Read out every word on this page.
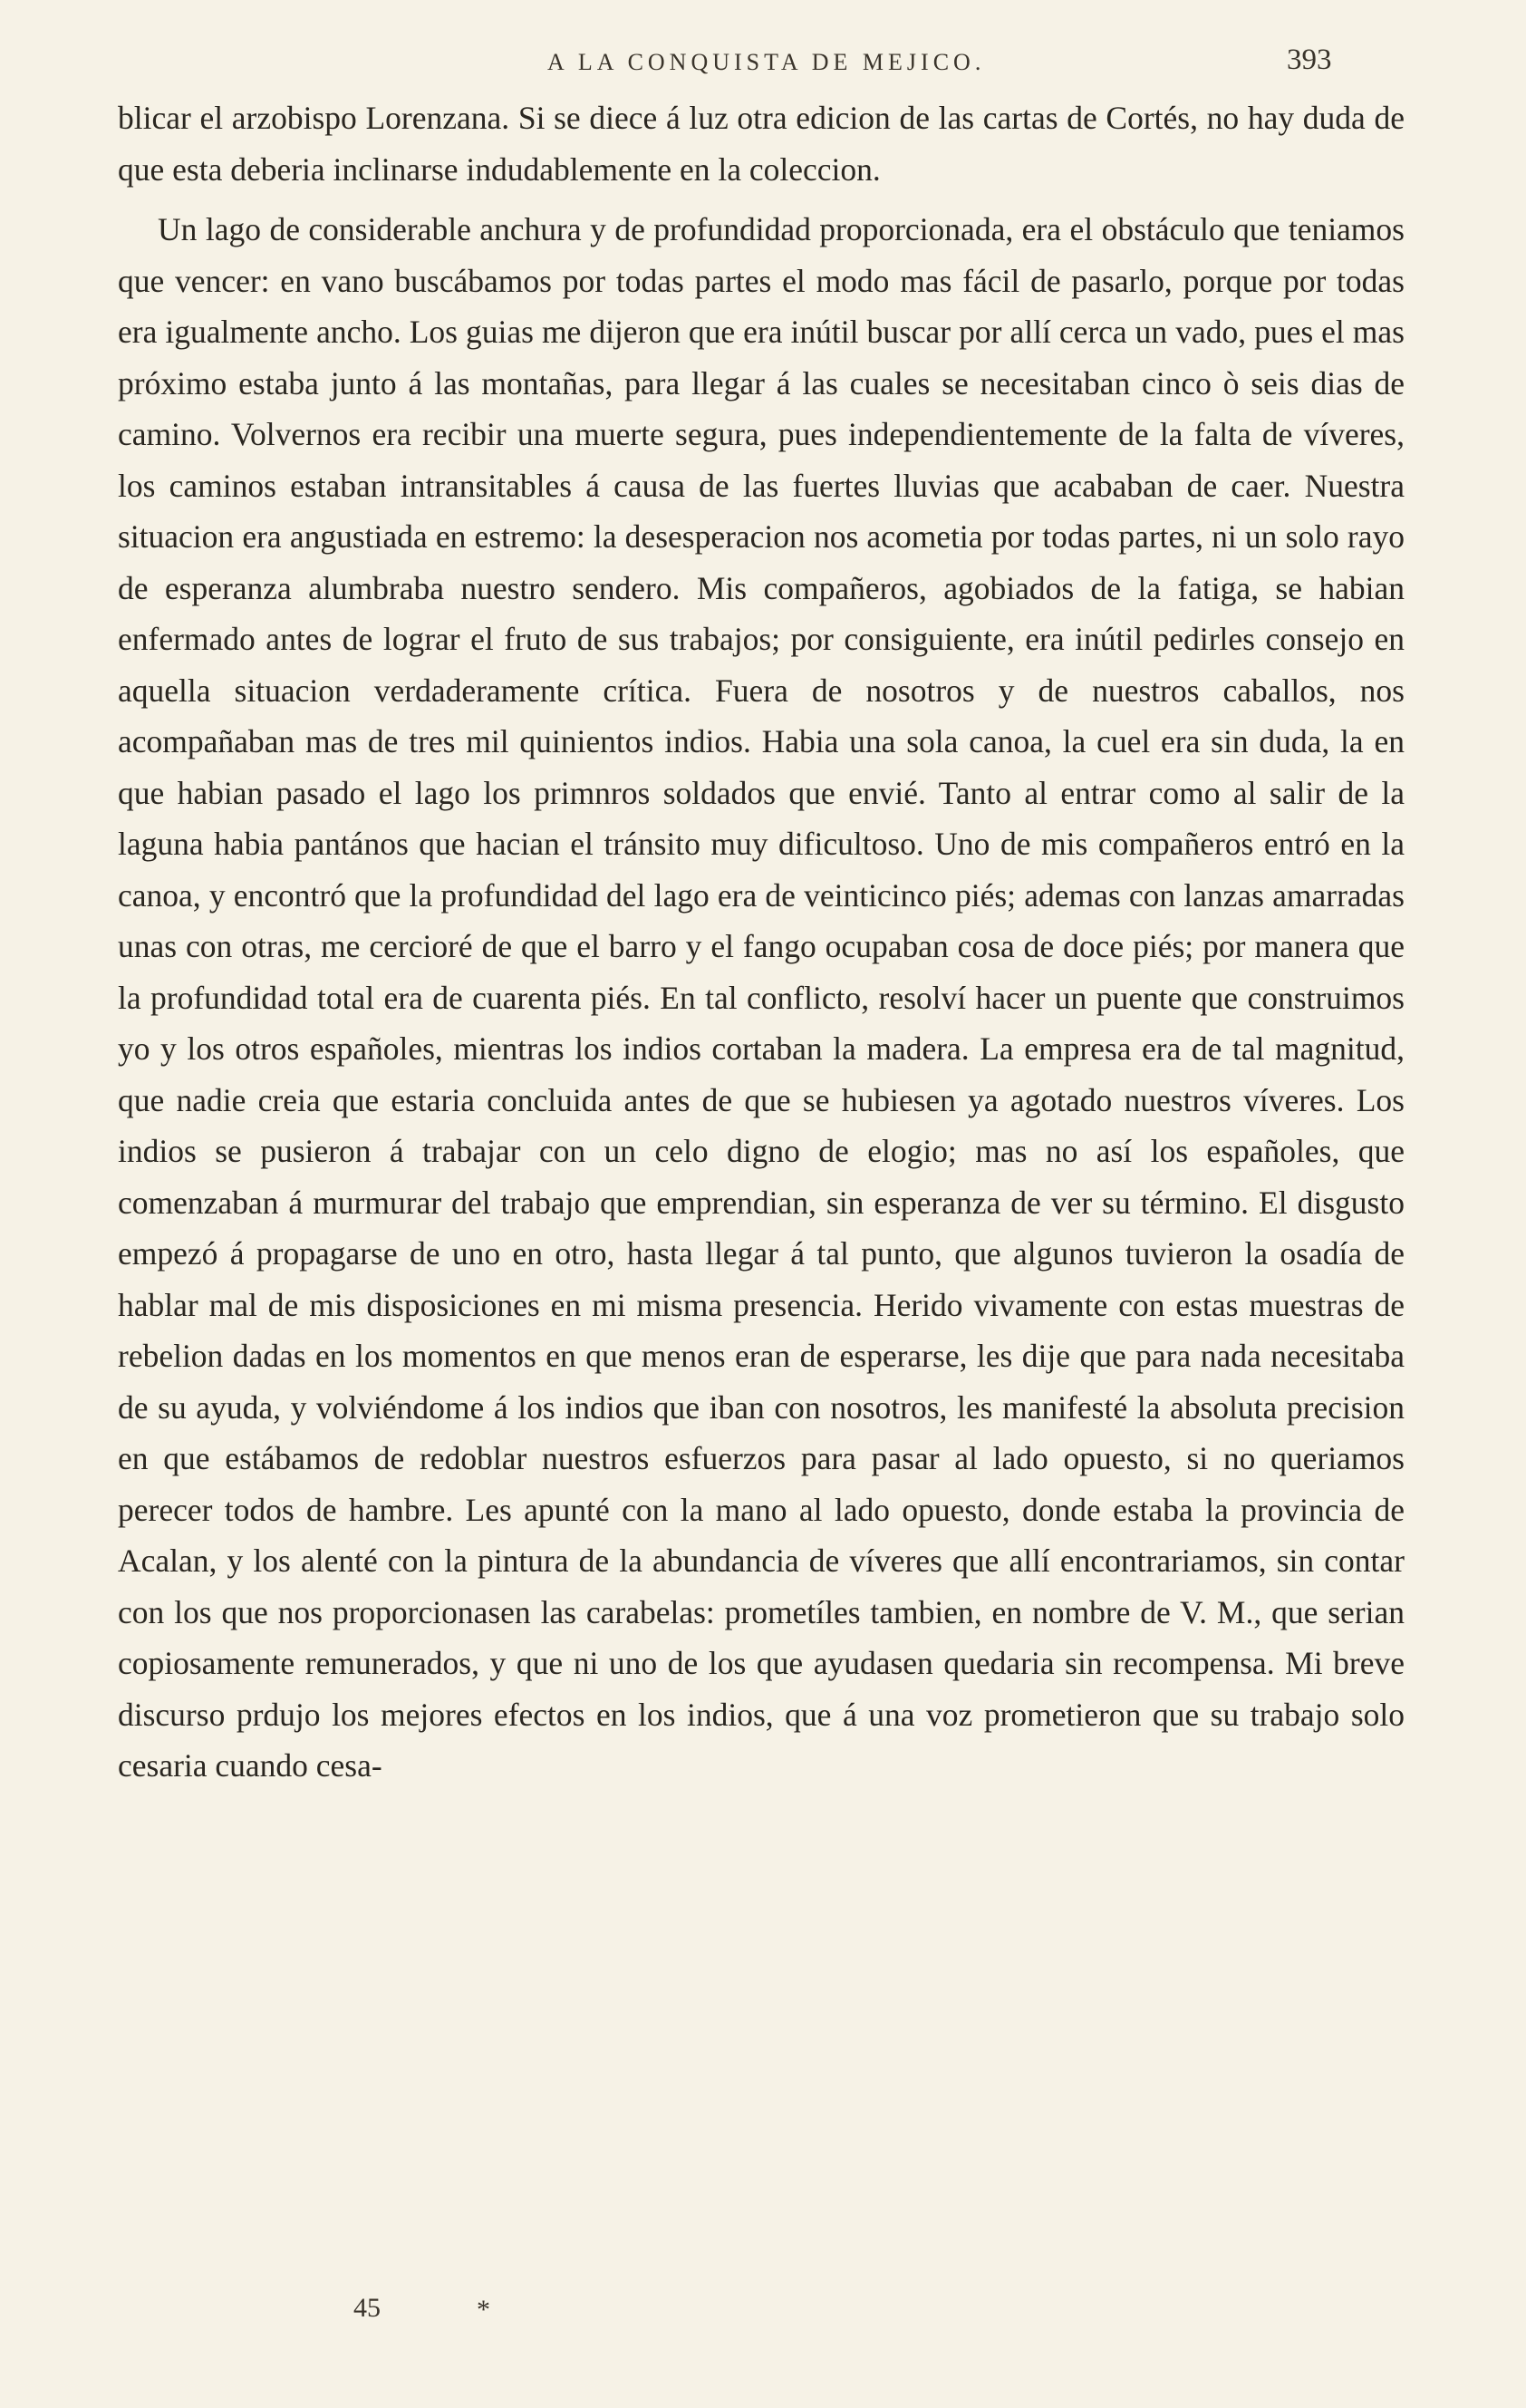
A LA CONQUISTA DE MEJICO.	393

blicar el arzobispo Lorenzana. Si se diece á luz otra edicion de las cartas de Cortés, no hay duda de que esta deberia inclinarse indudablemente en la coleccion.

Un lago de considerable anchura y de profundidad proporcionada, era el obstáculo que teniamos que vencer: en vano buscábamos por todas partes el modo mas fácil de pasarlo, porque por todas era igualmente ancho. Los guias me dijeron que era inútil buscar por allí cerca un vado, pues el mas próximo estaba junto á las montañas, para llegar á las cuales se necesitaban cinco ò seis dias de camino. Volvernos era recibir una muerte segura, pues independientemente de la falta de víveres, los caminos estaban intransitables á causa de las fuertes lluvias que acababan de caer. Nuestra situacion era angustiada en estremo: la desesperacion nos acometia por todas partes, ni un solo rayo de esperanza alumbraba nuestro sendero. Mis compañeros, agobiados de la fatiga, se habian enfermado antes de lograr el fruto de sus trabajos; por consiguiente, era inútil pedirles consejo en aquella situacion verdaderamente crítica. Fuera de nosotros y de nuestros caballos, nos acompañaban mas de tres mil quinientos indios. Habia una sola canoa, la cuel era sin duda, la en que habian pasado el lago los primnros soldados que envié. Tanto al entrar como al salir de la laguna habia pantános que hacian el tránsito muy dificultoso. Uno de mis compañeros entró en la canoa, y encontró que la profundidad del lago era de veinticinco piés; ademas con lanzas amarradas unas con otras, me cercioré de que el barro y el fango ocupaban cosa de doce piés; por manera que la profundidad total era de cuarenta piés. En tal conflicto, resolví hacer un puente que construimos yo y los otros españoles, mientras los indios cortaban la madera. La empresa era de tal magnitud, que nadie creia que estaria concluida antes de que se hubiesen ya agotado nuestros víveres. Los indios se pusieron á trabajar con un celo digno de elogio; mas no así los españoles, que comenzaban á murmurar del trabajo que emprendian, sin esperanza de ver su término. El disgusto empezó á propagarse de uno en otro, hasta llegar á tal punto, que algunos tuvieron la osadía de hablar mal de mis disposiciones en mi misma presencia. Herido vivamente con estas muestras de rebelion dadas en los momentos en que menos eran de esperarse, les dije que para nada necesitaba de su ayuda, y volviéndome á los indios que iban con nosotros, les manifesté la absoluta precision en que estábamos de redoblar nuestros esfuerzos para pasar al lado opuesto, si no queriamos perecer todos de hambre. Les apunté con la mano al lado opuesto, donde estaba la provincia de Acalan, y los alenté con la pintura de la abundancia de víveres que allí encontrariamos, sin contar con los que nos proporcionasen las carabelas: prometíles tambien, en nombre de V. M., que serian copiosamente remunerados, y que ni uno de los que ayudasen quedaria sin recompensa. Mi breve discurso prdujo los mejores efectos en los indios, que á una voz prometieron que su trabajo solo cesaria cuando cesa-

45	*
